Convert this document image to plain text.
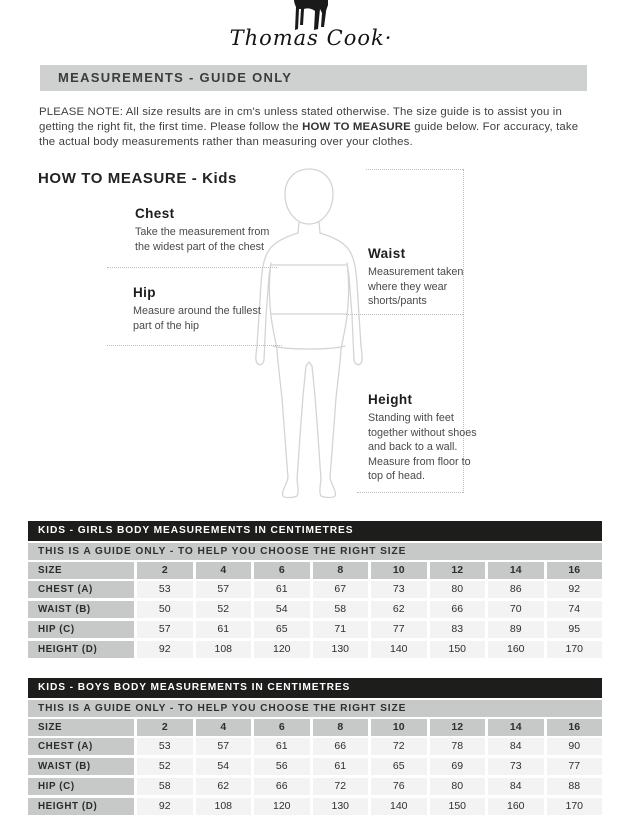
Thomas Cook·
MEASUREMENTS - GUIDE ONLY

PLEASE NOTE: All size results are in cm's unless stated otherwise. The size guide is to assist you in getting the right fit, the first time. Please follow the HOW TO MEASURE guide below. For accuracy, take the actual body measurements rather than measuring over your clothes.

HOW TO MEASURE - Kids
Chest

Take the measurement from the widest part of the chest

Hip

Measure around the fullest part of the hip

Waist

Measurement taken where they wear shorts/pants

Height

Standing with feet together without shoes and back to a wall. Measure from floor to top of head.

KIDS - GIRLS BODY MEASUREMENTS IN CENTIMETRES
THIS IS A GUIDE ONLY - TO HELP YOU CHOOSE THE RIGHT SIZE
SIZE	2	4	6	8	10	12	14	16
CHEST (A)	53	57	61	67	73	80	86	92
WAIST (B)	50	52	54	58	62	66	70	74
HIP (C)	57	61	65	71	77	83	89	95
HEIGHT (D)	92	108	120	130	140	150	160	170
KIDS - BOYS BODY MEASUREMENTS IN CENTIMETRES
THIS IS A GUIDE ONLY - TO HELP YOU CHOOSE THE RIGHT SIZE
SIZE	2	4	6	8	10	12	14	16
CHEST (A)	53	57	61	66	72	78	84	90
WAIST (B)	52	54	56	61	65	69	73	77
HIP (C)	58	62	66	72	76	80	84	88
HEIGHT (D)	92	108	120	130	140	150	160	170
